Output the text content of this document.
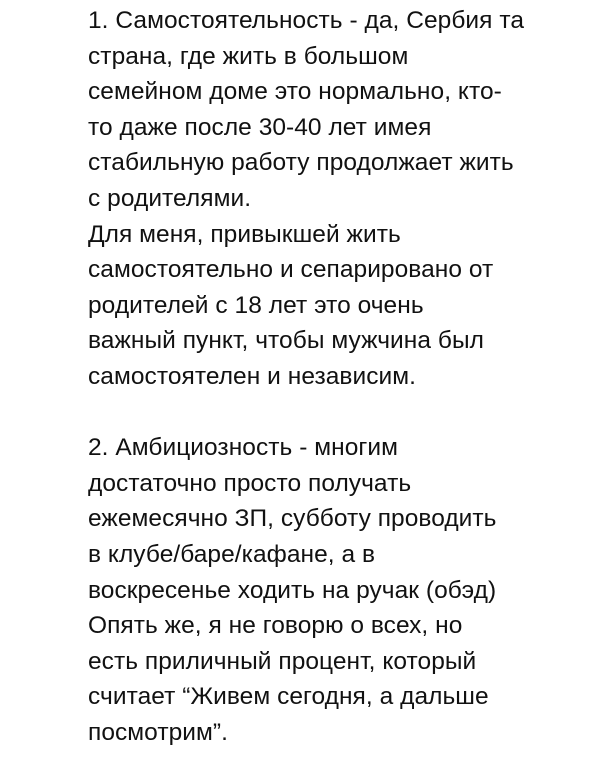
1. Самостоятельность - да, Сербия та
страна, где жить в большом
семейном доме это нормально, кто-
то даже после 30-40 лет имея
стабильную работу продолжает жить
с родителями.
Для меня, привыкшей жить
самостоятельно и сепарировано от
родителей с 18 лет это очень
важный пункт, чтобы мужчина был
самостоятелен и независим.
2. Амбициозность - многим
достаточно просто получать
ежемесячно ЗП, субботу проводить
в клубе/баре/кафане, а в
воскресенье ходить на ручак (обэд)
Опять же, я не говорю о всех, но
есть приличный процент, который
считает “Живем сегодня, а дальше
посмотрим”.
